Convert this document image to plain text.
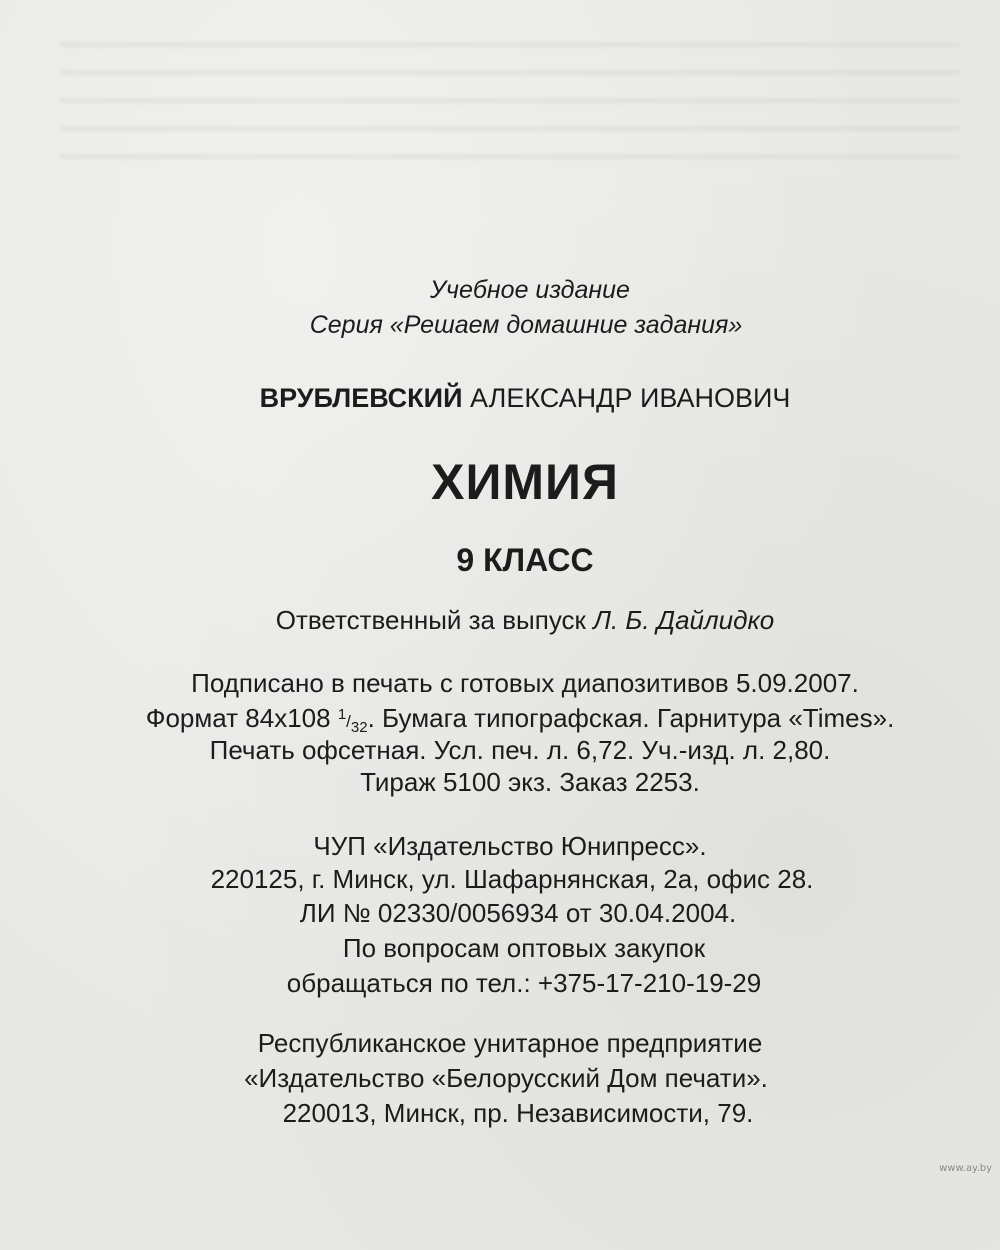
Учебное издание
Серия «Решаем домашние задания»
ВРУБЛЕВСКИЙ АЛЕКСАНДР ИВАНОВИЧ
ХИМИЯ
9 КЛАСС
Ответственный за выпуск Л. Б. Дайлидко
Подписано в печать с готовых диапозитивов 5.09.2007.
Формат 84x108 $^1/_{32}$. Бумага типографская. Гарнитура «Times».
Печать офсетная. Усл. печ. л. 6,72. Уч.-изд. л. 2,80.
Тираж 5100 экз. Заказ 2253.
ЧУП «Издательство Юнипресс».
220125, г. Минск, ул. Шафарнянская, 2а, офис 28.
ЛИ № 02330/0056934 от 30.04.2004.
По вопросам оптовых закупок
обращаться по тел.: +375-17-210-19-29
Республиканское унитарное предприятие
«Издательство «Белорусский Дом печати».
220013, Минск, пр. Независимости, 79.
www.ay.by
